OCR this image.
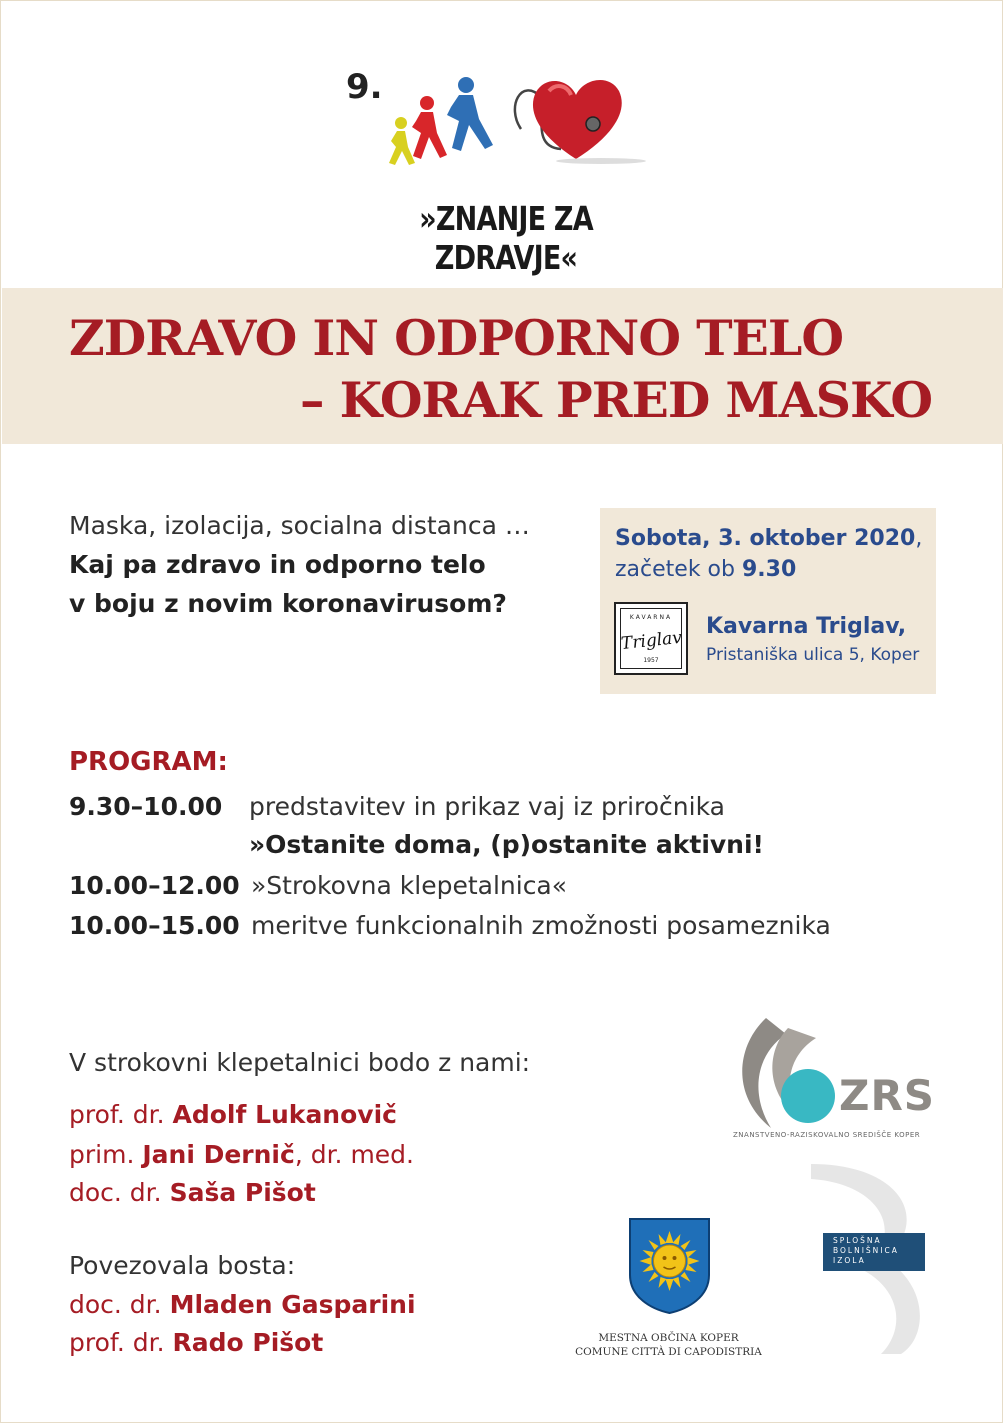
9.
»ZNANJE ZA ZDRAVJE«
ZDRAVO IN ODPORNO TELO
– KORAK PRED MASKO
Maska, izolacija, socialna distanca …
Kaj pa zdravo in odporno telo
v boju z novim koronavirusom?
Sobota, 3. oktober 2020,
začetek ob 9.30
KAVARNA
Triglav
1957
Kavarna Triglav,
Pristaniška ulica 5, Koper
PROGRAM:
9.30–10.00 predstavitev in prikaz vaj iz priročnika
»Ostanite doma, (p)ostanite aktivni!
10.00–12.00 »Strokovna klepetalnica«
10.00–15.00 meritve funkcionalnih zmožnosti posameznika
V strokovni klepetalnici bodo z nami:
prof. dr. Adolf Lukanovič
prim. Jani Dernič, dr. med.
doc. dr. Saša Pišot
Povezovala bosta:
doc. dr. Mladen Gasparini
prof. dr. Rado Pišot
ZRS
ZNANSTVENO-RAZISKOVALNO SREDIŠČE KOPER
SPLOŠNA
BOLNIŠNICA
IZOLA
MESTNA OBČINA KOPER
COMUNE CITTÀ DI CAPODISTRIA
